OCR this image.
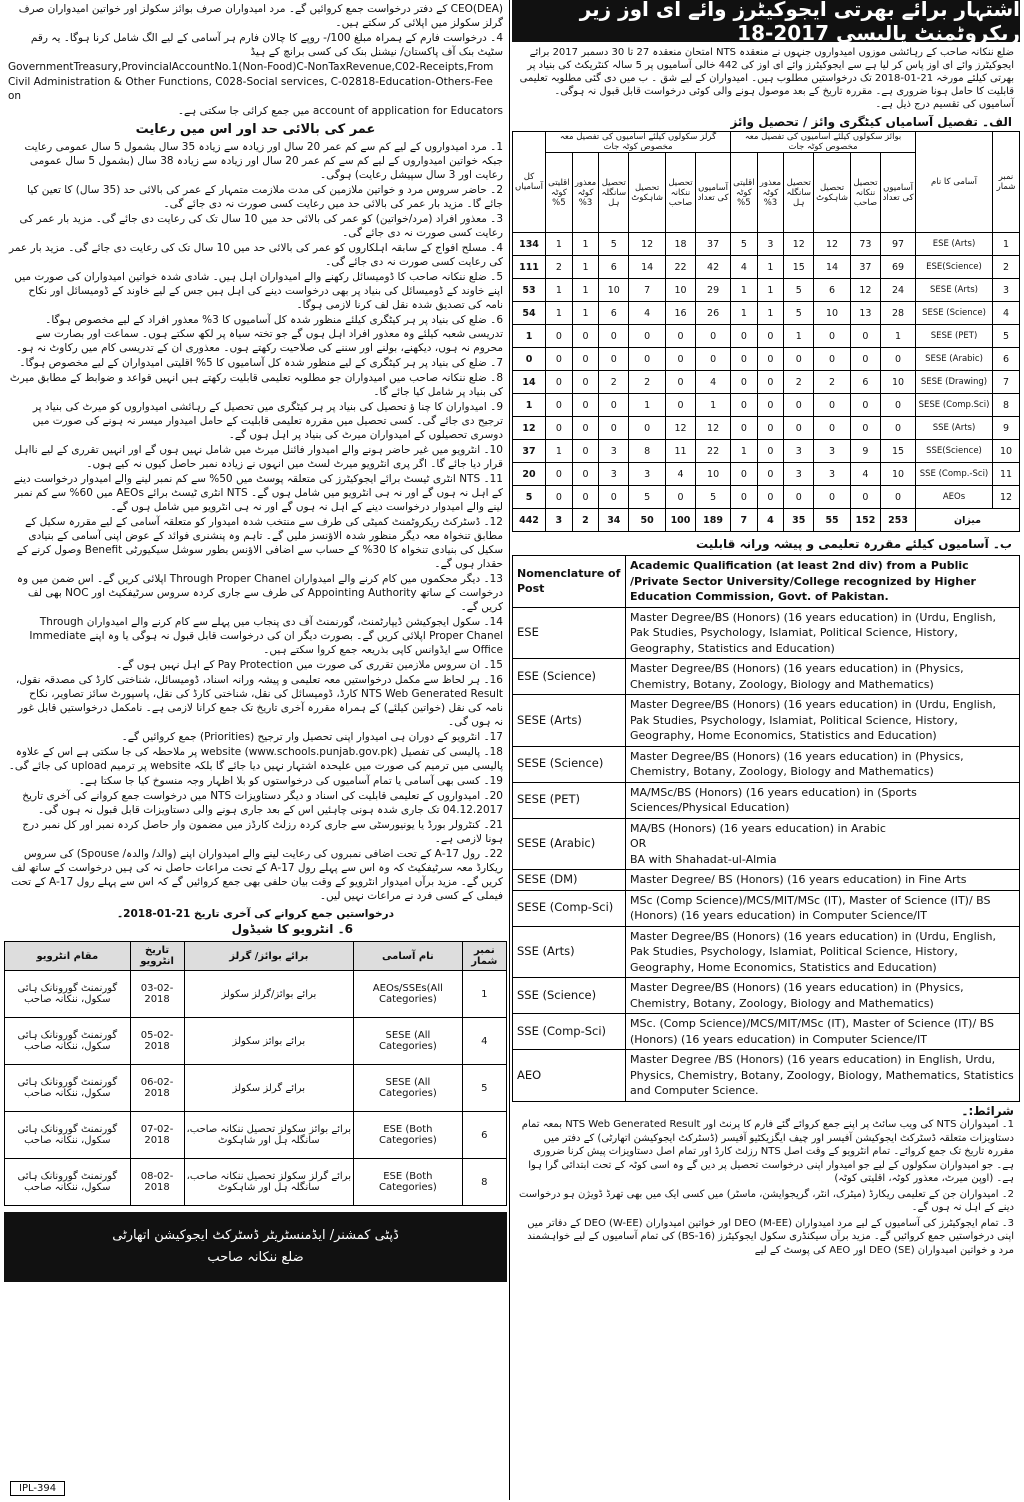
CEO(DEA) کے دفتر درخواست جمع کروائیں گے۔ مرد امیدواران صرف بوائز سکولز اور خواتین امیدواران صرف گرلز سکولز میں اپلائی کر سکتے ہیں۔

4۔ درخواست فارم کے ہمراہ مبلغ 100/- روپے کا چالان فارم ہر آسامی کے لیے الگ شامل کرنا ہوگا۔ یہ رقم سٹیٹ بنک آف پاکستان/ نیشنل بنک کی کسی برانچ کے ہیڈ

GovernmentTreasury,ProvincialAccountNo.1(Non-Food)C-NonTaxRevenue,C02-Receipts,From

Civil Administration & Other Functions, C028-Social services, C-02818-Education-Others-Fee on

account of application for Educators میں جمع کرائی جا سکتی ہے۔

عمر کی بالائی حد اور اس میں رعایت

1۔ مرد امیدواروں کے لیے کم سے کم عمر 20 سال اور زیادہ سے زیادہ 35 سال بشمول 5 سال عمومی رعایت جبکہ خواتین امیدواروں کے لیے کم سے کم عمر 20 سال اور زیادہ سے زیادہ 38 سال (بشمول 5 سال عمومی رعایت اور 3 سال سپیشل رعایت) ہوگی۔

2۔ حاضر سروس مرد و خواتین ملازمین کی مدت ملازمت متمہار کے عمر کی بالائی حد (35 سال) کا تعین کیا جائے گا۔ مزید بار عمر کی بالائی حد میں رعایت کسی صورت نہ دی جائے گی۔

3۔ معذور افراد (مرد/خواتین) کو عمر کی بالائی حد میں 10 سال تک کی رعایت دی جائے گی۔ مزید بار عمر کی رعایت کسی صورت نہ دی جائے گی۔

4۔ مسلح افواج کے سابقہ اہلکاروں کو عمر کی بالائی حد میں 10 سال تک کی رعایت دی جائے گی۔ مزید بار عمر کی رعایت کسی صورت نہ دی جائے گی۔

5۔ ضلع ننکانہ صاحب کا ڈومیسائل رکھنے والے امیدواران اہل ہیں۔ شادی شدہ خواتین امیدواران کی صورت میں اپنے خاوند کے ڈومیسائل کی بنیاد پر بھی درخواست دینے کی اہل ہیں جس کے لیے خاوند کے ڈومیسائل اور نکاح نامہ کی تصدیق شدہ نقل لف کرنا لازمی ہوگا۔

6۔ ضلع کی بنیاد پر ہر کیٹگری کیلئے منظور شدہ کل آسامیوں کا 3% معذور افراد کے لیے مخصوص ہوگا۔ تدریسی شعبہ کیلئے وہ معذور افراد اہل ہوں گے جو تختہ سیاہ پر لکھ سکتے ہوں۔ سماعت اور بصارت سے محروم نہ ہوں، دیکھنے، بولنے اور سننے کی صلاحیت رکھتے ہوں۔ معذوری ان کے تدریسی کام میں رکاوٹ نہ ہو۔

7۔ ضلع کی بنیاد پر ہر کیٹگری کے لیے منظور شدہ کل آسامیوں کا 5% اقلیتی امیدواران کے لیے مخصوص ہوگا۔

8۔ ضلع ننکانہ صاحب میں امیدواران جو مطلوبہ تعلیمی قابلیت رکھتے ہیں انہیں قواعد و ضوابط کے مطابق میرٹ کی بنیاد پر شامل کیا جائے گا۔

9۔ امیدواران کا چنا ؤ تحصیل کی بنیاد پر ہر کیٹگری میں تحصیل کے رہائشی امیدواروں کو میرٹ کی بنیاد پر ترجیح دی جائے گی۔ کسی تحصیل میں مقررہ تعلیمی قابلیت کے حامل امیدوار میسر نہ ہونے کی صورت میں دوسری تحصیلوں کے امیدواران میرٹ کی بنیاد پر اہل ہوں گے۔

10۔ انٹرویو میں غیر حاضر ہونے والے امیدوار فائنل میرٹ میں شامل نہیں ہوں گے اور انہیں تقرری کے لیے نااہل قرار دیا جائے گا۔ اگر پری انٹرویو میرٹ لسٹ میں انہوں نے زیادہ نمبر حاصل کیوں نہ کیے ہوں۔

11۔ NTS انٹری ٹیسٹ برائے ایجوکیٹرز کی متعلقہ پوسٹ میں 50% سے کم نمبر لینے والے امیدوار درخواست دینے کے اہل نہ ہوں گے اور نہ ہی انٹرویو میں شامل ہوں گے۔ NTS انٹری ٹیسٹ برائے AEOs میں 60% سے کم نمبر لینے والے امیدوار درخواست دینے کے اہل نہ ہوں گے اور نہ ہی انٹرویو میں شامل ہوں گے۔

12۔ ڈسٹرکٹ ریکروٹمنٹ کمیٹی کی طرف سے منتخب شدہ امیدوار کو متعلقہ آسامی کے لیے مقررہ سکیل کے مطابق تنخواہ معہ دیگر منظور شدہ الاؤنسز ملیں گے۔ تاہم وہ پنشنری فوائد کے عوض اپنی آسامی کے بنیادی سکیل کی بنیادی تنخواہ کا 30% کے حساب سے اضافی الاؤنس بطور سوشل سیکیورٹی Benefit وصول کرنے کے حقدار ہوں گے۔

13۔ دیگر محکموں میں کام کرنے والے امیدواران Through Proper Chanel اپلائی کریں گے۔ اس ضمن میں وہ درخواست کے ساتھ Appointing Authority کی طرف سے جاری کردہ سروس سرٹیفکیٹ اور NOC بھی لف کریں گے۔

14۔ سکول ایجوکیشن ڈیپارٹمنٹ، گورنمنٹ آف دی پنجاب میں پہلے سے کام کرنے والے امیدواران Through Proper Chanel اپلائی کریں گے۔ بصورت دیگر ان کی درخواست قابل قبول نہ ہوگی یا وہ اپنے Immediate Office سے ایڈوانس کاپی بذریعہ جمع کروا سکتے ہیں۔

15۔ ان سروس ملازمین تقرری کی صورت میں Pay Protection کے اہل نہیں ہوں گے۔

16۔ ہر لحاظ سے مکمل درخواستیں معہ تعلیمی و پیشہ ورانہ اسناد، ڈومیسائل، شناختی کارڈ کی مصدقہ نقول، NTS Web Generated Result کارڈ، ڈومیسائل کی نقل، شناختی کارڈ کی نقل، پاسپورٹ سائز تصاویر، نکاح نامہ کی نقل (خواتین کیلئے) کے ہمراہ مقررہ آخری تاریخ تک جمع کرانا لازمی ہے۔ نامکمل درخواستیں قابل غور نہ ہوں گی۔

17۔ انٹرویو کے دوران ہی امیدوار اپنی تحصیل وار ترجیح (Priorities) جمع کروائیں گے۔

18۔ پالیسی کی تفصیل (www.schools.punjab.gov.pk) website پر ملاحظہ کی جا سکتی ہے اس کے علاوہ پالیسی میں ترمیم کی صورت میں علیحدہ اشتہار نہیں دیا جائے گا بلکہ website پر ترمیم upload کی جائے گی۔

19۔ کسی بھی آسامی یا تمام آسامیوں کی درخواستوں کو بلا اظہار وجہ منسوخ کیا جا سکتا ہے۔

20۔ امیدواروں کے تعلیمی قابلیت کی اسناد و دیگر دستاویزات NTS میں درخواست جمع کروانے کی آخری تاریخ 04.12.2017 تک جاری شدہ ہونی چاہئیں اس کے بعد جاری ہونے والی دستاویزات قابل قبول نہ ہوں گی۔

21۔ کنٹرولر بورڈ یا یونیورسٹی سے جاری کردہ رزلٹ کارڈز میں مضمون وار حاصل کردہ نمبر اور کل نمبر درج ہونا لازمی ہے۔

22۔ رول 17-A کے تحت اضافی نمبروں کی رعایت لینے والے امیدواران اپنے (والد/ والدہ/ Spouse) کی سروس ریکارڈ معہ سرٹیفکیٹ کہ وہ اس سے پہلے رول 17-A کے تحت مراعات حاصل نہ کی ہیں درخواست کے ساتھ لف کریں گے۔ مزید برآں امیدوار انٹرویو کے وقت بیان حلفی بھی جمع کروائیں گے کہ اس سے پہلے رول 17-A کے تحت فیملی کے کسی فرد نے مراعات نہیں لیں۔

درخواستیں جمع کروانے کی آخری تاریخ 21-01-2018۔

6۔ انٹرویو کا شیڈول

نمبر شمار	نام آسامی	برائے بوائز/ گرلز	تاریخ انٹرویو	مقام انٹرویو
1	AEOs/SSEs(All Categories)	برائے بوائز/گرلز سکولز	03-02-2018	گورنمنٹ گورونانک ہائی سکول، ننکانہ صاحب
4	SESE (All Categories)	برائے بوائز سکولز	05-02-2018	گورنمنٹ گورونانک ہائی سکول، ننکانہ صاحب
5	SESE (All Categories)	برائے گرلز سکولز	06-02-2018	گورنمنٹ گورونانک ہائی سکول، ننکانہ صاحب
6	ESE (Both Categories)	برائے بوائز سکولز تحصیل ننکانہ صاحب، سانگلہ ہل اور شاہکوٹ	07-02-2018	گورنمنٹ گورونانک ہائی سکول، ننکانہ صاحب
8	ESE (Both Categories)	برائے گرلز سکولز تحصیل ننکانہ صاحب، سانگلہ ہل اور شاہکوٹ	08-02-2018	گورنمنٹ گورونانک ہائی سکول، ننکانہ صاحب
ڈپٹی کمشنر/ ایڈمنسٹریٹر ڈسٹرکٹ ایجوکیشن اتھارٹی
ضلع ننکانہ صاحب
IPL-394
اشتہار برائے بھرتی ایجوکیٹرز وائے ای اوز زیر ریکروٹمنٹ پالیسی 2017-18
ضلع ننکانہ صاحب کے رہائشی موزوں امیدواروں جنہوں نے منعقدہ NTS امتحان منعقدہ 27 تا 30 دسمبر 2017 برائے ایجوکیٹرز وائے ای اوز پاس کر لیا ہے سے ایجوکیٹرز وائے ای اوز کی 442 خالی آسامیوں پر 5 سالہ کنٹریکٹ کی بنیاد پر بھرتی کیلئے مورخہ 21-01-2018 تک درخواستیں مطلوب ہیں۔ امیدواران کے لیے شق ۔ ب میں دی گئی مطلوبہ تعلیمی قابلیت کا حامل ہونا ضروری ہے۔ مقررہ تاریخ کے بعد موصول ہونے والی کوئی درخواست قابل قبول نہ ہوگی۔ آسامیوں کی تقسیم درج ذیل ہے۔
الف۔ تفصیل آسامیاں کیٹگری وائز / تحصیل وائز
نمبر شمار	آسامی کا نام	بوائز سکولوں کیلئے آسامیوں کی تفصیل معہ مخصوص کوٹہ جات						گرلز سکولوں کیلئے آسامیوں کی تفصیل معہ مخصوص کوٹہ جات						کل آسامیاں
		آسامیوں کی تعداد	تحصیل ننکانہ صاحب	تحصیل شاہکوٹ	تحصیل سانگلہ ہل	معذور کوٹہ 3%	اقلیتی کوٹہ 5%	آسامیوں کی تعداد	تحصیل ننکانہ صاحب	تحصیل شاہکوٹ	تحصیل سانگلہ ہل	معذور کوٹہ 3%	اقلیتی کوٹہ 5%	
1	ESE (Arts)	97	73	12	12	3	5	37	18	12	5	1	1	134
2	ESE(Science)	69	37	14	15	1	4	42	22	14	6	1	2	111
3	SESE (Arts)	24	12	6	5	1	1	29	10	7	10	1	1	53
4	SESE (Science)	28	13	10	5	1	1	26	16	4	6	1	1	54
5	SESE (PET)	1	0	0	1	0	0	0	0	0	0	0	0	1
6	SESE (Arabic)	0	0	0	0	0	0	0	0	0	0	0	0	0
7	SESE (Drawing)	10	6	2	2	0	0	4	0	2	2	0	0	14
8	SESE (Comp.Sci)	0	0	0	0	0	0	1	0	1	0	0	0	1
9	SSE (Arts)	0	0	0	0	0	0	12	12	0	0	0	0	12
10	SSE(Science)	15	9	3	3	0	1	22	11	8	3	0	1	37
11	SSE (Comp.-Sci)	10	4	3	3	0	0	10	4	3	3	0	0	20
12	AEOs	0	0	0	0	0	0	5	0	5	0	0	0	5
میزان		253	152	55	35	4	7	189	100	50	34	2	3	442
ب۔ آسامیوں کیلئے مقررہ تعلیمی و پیشہ ورانہ قابلیت
Nomenclature of Post	Academic Qualification (at least 2nd div) from a Public /Private Sector University/College recognized by Higher Education Commission, Govt. of Pakistan.
ESE	Master Degree/BS (Honors) (16 years education) in (Urdu, English, Pak Studies, Psychology, Islamiat, Political Science, History, Geography, Statistics and Education)
ESE (Science)	Master Degree/BS (Honors) (16 years education) in (Physics, Chemistry, Botany, Zoology, Biology and Mathematics)
SESE (Arts)	Master Degree/BS (Honors) (16 years education) in (Urdu, English, Pak Studies, Psychology, Islamiat, Political Science, History, Geography, Home Economics, Statistics and Education)
SESE (Science)	Master Degree/BS (Honors) (16 years education) in (Physics, Chemistry, Botany, Zoology, Biology and Mathematics)
SESE (PET)	MA/MSc/BS (Honors) (16 years education) in (Sports Sciences/Physical Education)
SESE (Arabic)	MA/BS (Honors) (16 years education) in Arabic
OR
BA with Shahadat-ul-Almia
SESE (DM)	Master Degree/ BS (Honors) (16 years education) in Fine Arts
SESE (Comp-Sci)	MSc (Comp Science)/MCS/MIT/MSc (IT), Master of Science (IT)/ BS (Honors) (16 years education) in Computer Science/IT
SSE (Arts)	Master Degree/BS (Honors) (16 years education) in (Urdu, English, Pak Studies, Psychology, Islamiat, Political Science, History, Geography, Home Economics, Statistics and Education)
SSE (Science)	Master Degree/BS (Honors) (16 years education) in (Physics, Chemistry, Botany, Zoology, Biology and Mathematics)
SSE (Comp-Sci)	MSc. (Comp Science)/MCS/MIT/MSc (IT), Master of Science (IT)/ BS (Honors) (16 years education) in Computer Science/IT
AEO	Master Degree /BS (Honors) (16 years education) in English, Urdu, Physics, Chemistry, Botany, Zoology, Biology, Mathematics, Statistics and Computer Science.
شرائط:۔

1۔ امیدواران NTS کی ویب سائٹ پر اپنے جمع کروائے گئے فارم کا پرنٹ اور NTS Web Generated Result بمعہ تمام دستاویزات متعلقہ ڈسٹرکٹ ایجوکیشن آفیسر اور چیف ایگزیکٹیو آفیسر (ڈسٹرکٹ ایجوکیشن اتھارٹی) کے دفتر میں مقررہ تاریخ تک جمع کروائے۔ تمام انٹرویو کے وقت اصل NTS رزلٹ کارڈ اور تمام اصل دستاویزات پیش کرنا ضروری ہے۔ جو امیدواران سکولوں کے لیے جو امیدوار اپنی درخواست تحصیل پر دیں گے وہ اسی کوٹہ کے تحت ابتدائی گرا ہوا ہے۔ (اوپن میرٹ، معذور کوٹہ، اقلیتی کوٹہ)

2۔ امیدواران جن کے تعلیمی ریکارڈ (میٹرک، انٹر، گریجوایشن، ماسٹر) میں کسی ایک میں بھی تھرڈ ڈویژن ہو درخواست دینے کے اہل نہ ہوں گے۔

3۔ تمام ایجوکیٹرز کی آسامیوں کے لیے مرد امیدواران DEO (M-EE) اور خواتین امیدواران DEO (W-EE) کے دفاتر میں اپنی درخواستیں جمع کروائیں گے۔ مزید برآں سیکنڈری سکول ایجوکیٹرز (BS-16) کی تمام آسامیوں کے لیے خواہشمند مرد و خواتین امیدواران DEO (SE) اور AEO کی پوسٹ کے لیے
